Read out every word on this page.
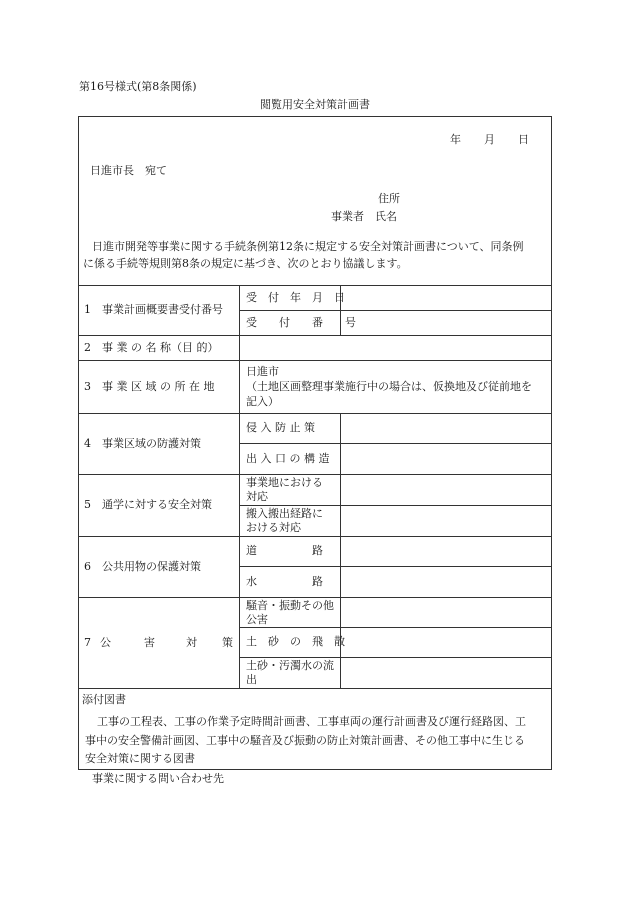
第16号様式(第8条関係)
閲覧用安全対策計画書
年 月 日
日進市長　宛て
住所
事業者　氏名
日進市開発等事業に関する手続条例第12条に規定する安全対策計画書について、同条例
に係る手続等規則第8条の規定に基づき、次のとおり協議します。
1　事業計画概要書受付番号
受　付　年　月　日
受　　付　　番　　号
2　事 業 の 名 称（目 的）
3　事 業 区 域 の 所 在 地
日進市
（土地区画整理事業施行中の場合は、仮換地及び従前地を
記入）
4　事業区域の防護対策
侵 入 防 止 策
出 入 口 の 構 造
5　通学に対する安全対策
事業地における
対応
搬入搬出経路に
おける対応
6　公共用物の保護対策
道　　　　　路
水　　　　　路
7 公	害	対 策
騒音・振動その他
公害
土　砂　の　飛　散
土砂・汚濁水の流
出
添付図書
工事の工程表、工事の作業予定時間計画書、工事車両の運行計画書及び運行経路図、工
事中の安全警備計画図、工事中の騒音及び振動の防止対策計画書、その他工事中に生じる
安全対策に関する図書
事業に関する問い合わせ先
